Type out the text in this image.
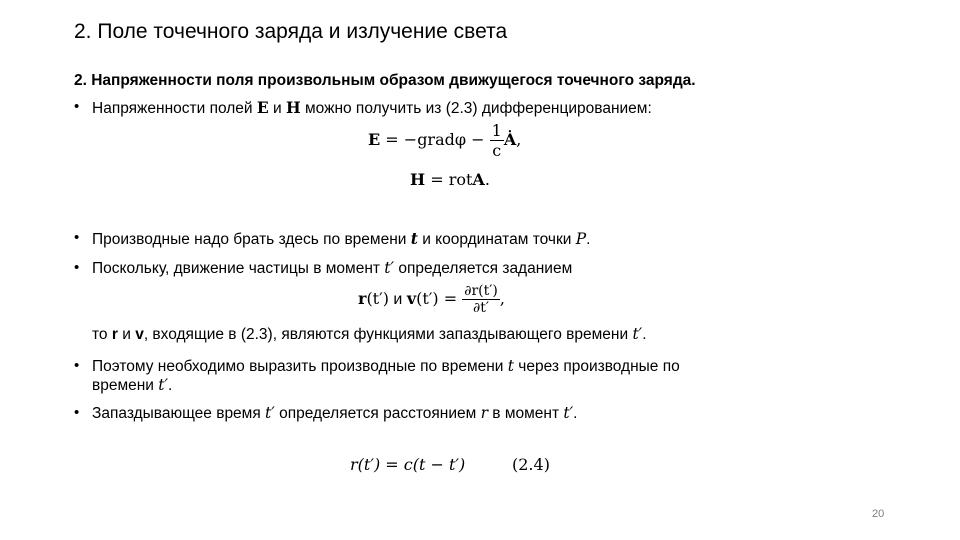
2. Поле точечного заряда и излучение света
2. Напряженности поля произвольным образом движущегося точечного заряда.
• Напряженности полей E и H можно получить из (2.3) дифференцированием:
E = −gradφ − $\frac{1}{c}$ Ȧ,
H = rotA.
• Производные надо брать здесь по времени t и координатам точки P.
• Поскольку, движение частицы в момент t′ определяется заданием
r(t′) и $v(t') = \frac{\partial r(t')}{\partial t'}$ ,
то r и v, входящие в (2.3), являются функциями запаздывающего времени t′.
• Поэтому необходимо выразить производные по времени t через производные по
времени t′.
• Запаздывающее время t′ определяется расстоянием r в момент t′.
r(t′) = c(t − t′)	(2.4)
20
